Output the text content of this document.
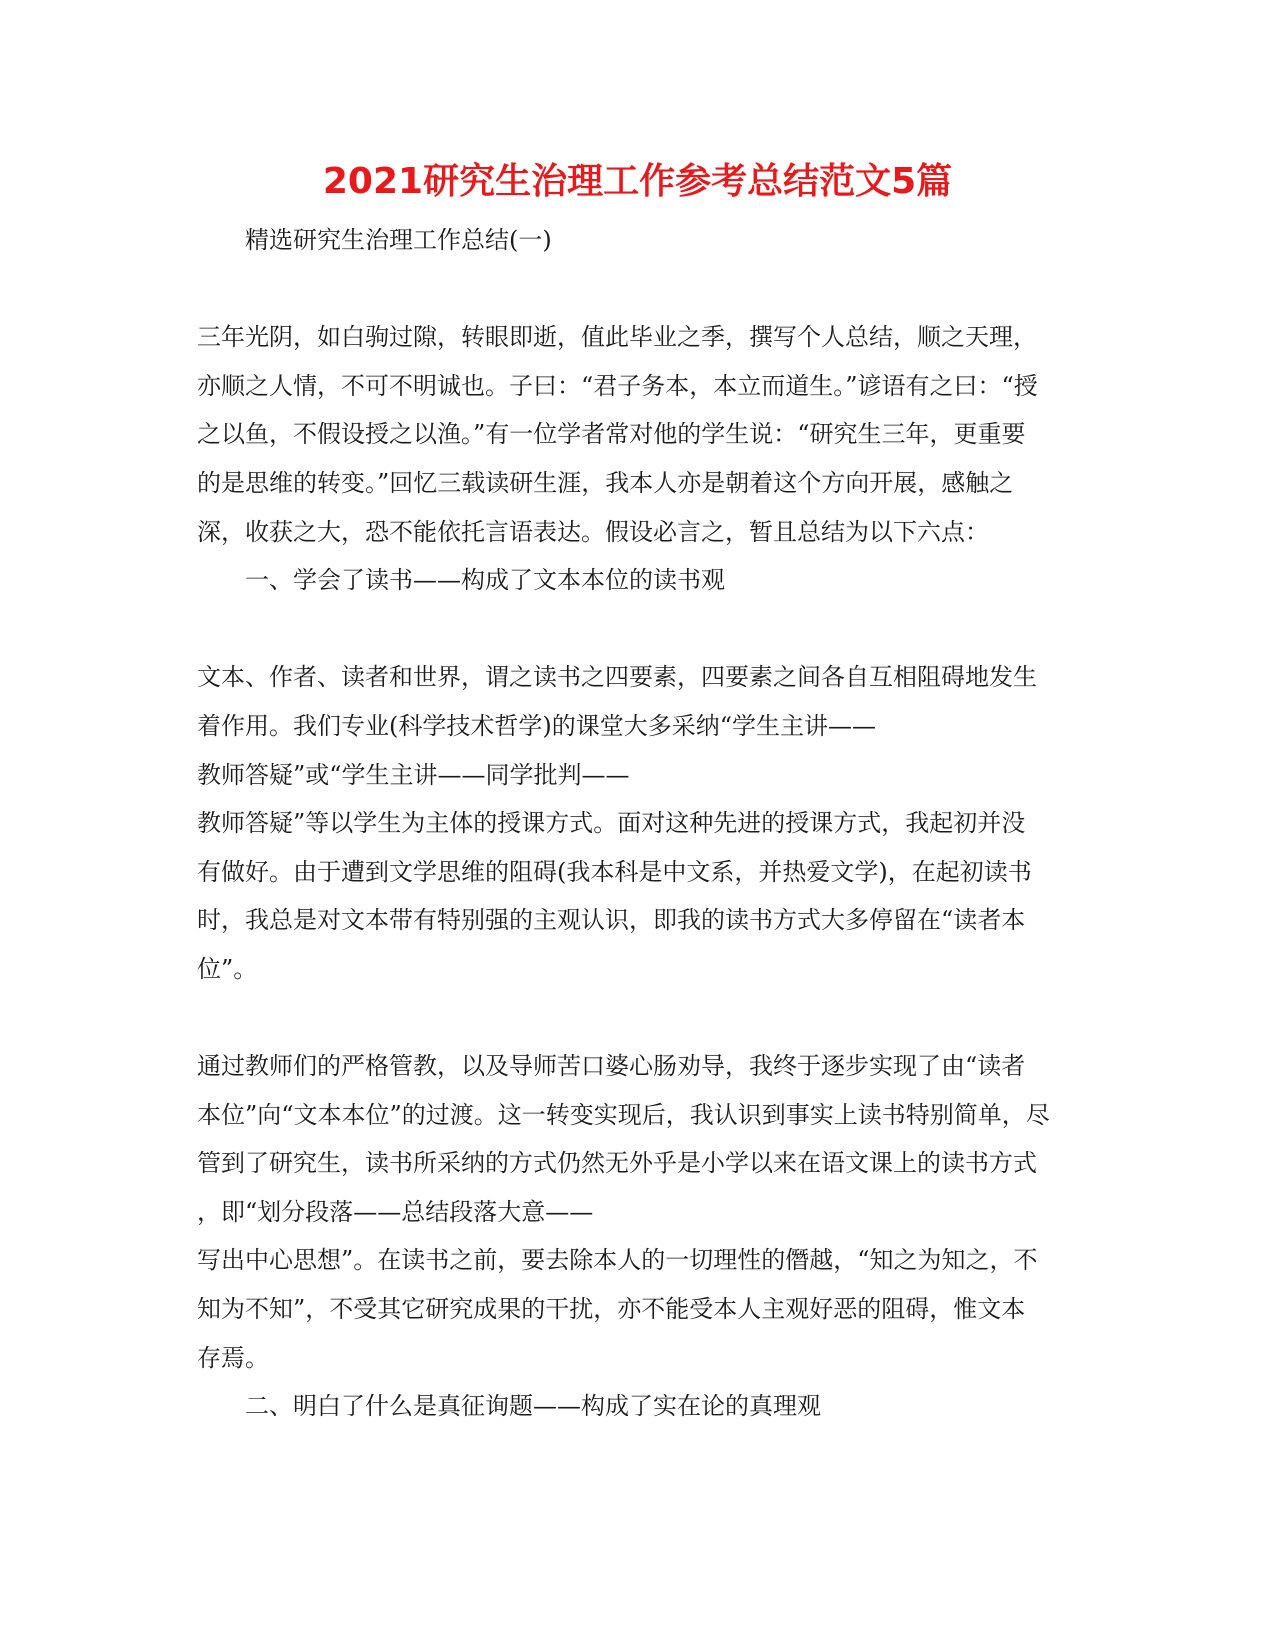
2021研究生治理工作参考总结范文5篇
精选研究生治理工作总结(一)
三年光阴，如白驹过隙，转眼即逝，值此毕业之季，撰写个人总结，顺之天理，
亦顺之人情，不可不明诚也。子曰：“君子务本，本立而道生。”谚语有之曰：“授
之以鱼，不假设授之以渔。”有一位学者常对他的学生说：“研究生三年，更重要
的是思维的转变。”回忆三载读研生涯，我本人亦是朝着这个方向开展，感触之
深，收获之大，恐不能依托言语表达。假设必言之，暂且总结为以下六点：
一、学会了读书——构成了文本本位的读书观
文本、作者、读者和世界，谓之读书之四要素，四要素之间各自互相阻碍地发生
着作用。我们专业(科学技术哲学)的课堂大多采纳“学生主讲——
教师答疑”或“学生主讲——同学批判——
教师答疑”等以学生为主体的授课方式。面对这种先进的授课方式，我起初并没
有做好。由于遭到文学思维的阻碍(我本科是中文系，并热爱文学)，在起初读书
时，我总是对文本带有特别强的主观认识，即我的读书方式大多停留在“读者本
位”。
通过教师们的严格管教，以及导师苦口婆心肠劝导，我终于逐步实现了由“读者
本位”向“文本本位”的过渡。这一转变实现后，我认识到事实上读书特别简单，尽
管到了研究生，读书所采纳的方式仍然无外乎是小学以来在语文课上的读书方式
，即“划分段落——总结段落大意——
写出中心思想”。在读书之前，要去除本人的一切理性的僭越，“知之为知之，不
知为不知”，不受其它研究成果的干扰，亦不能受本人主观好恶的阻碍，惟文本
存焉。
二、明白了什么是真征询题——构成了实在论的真理观
